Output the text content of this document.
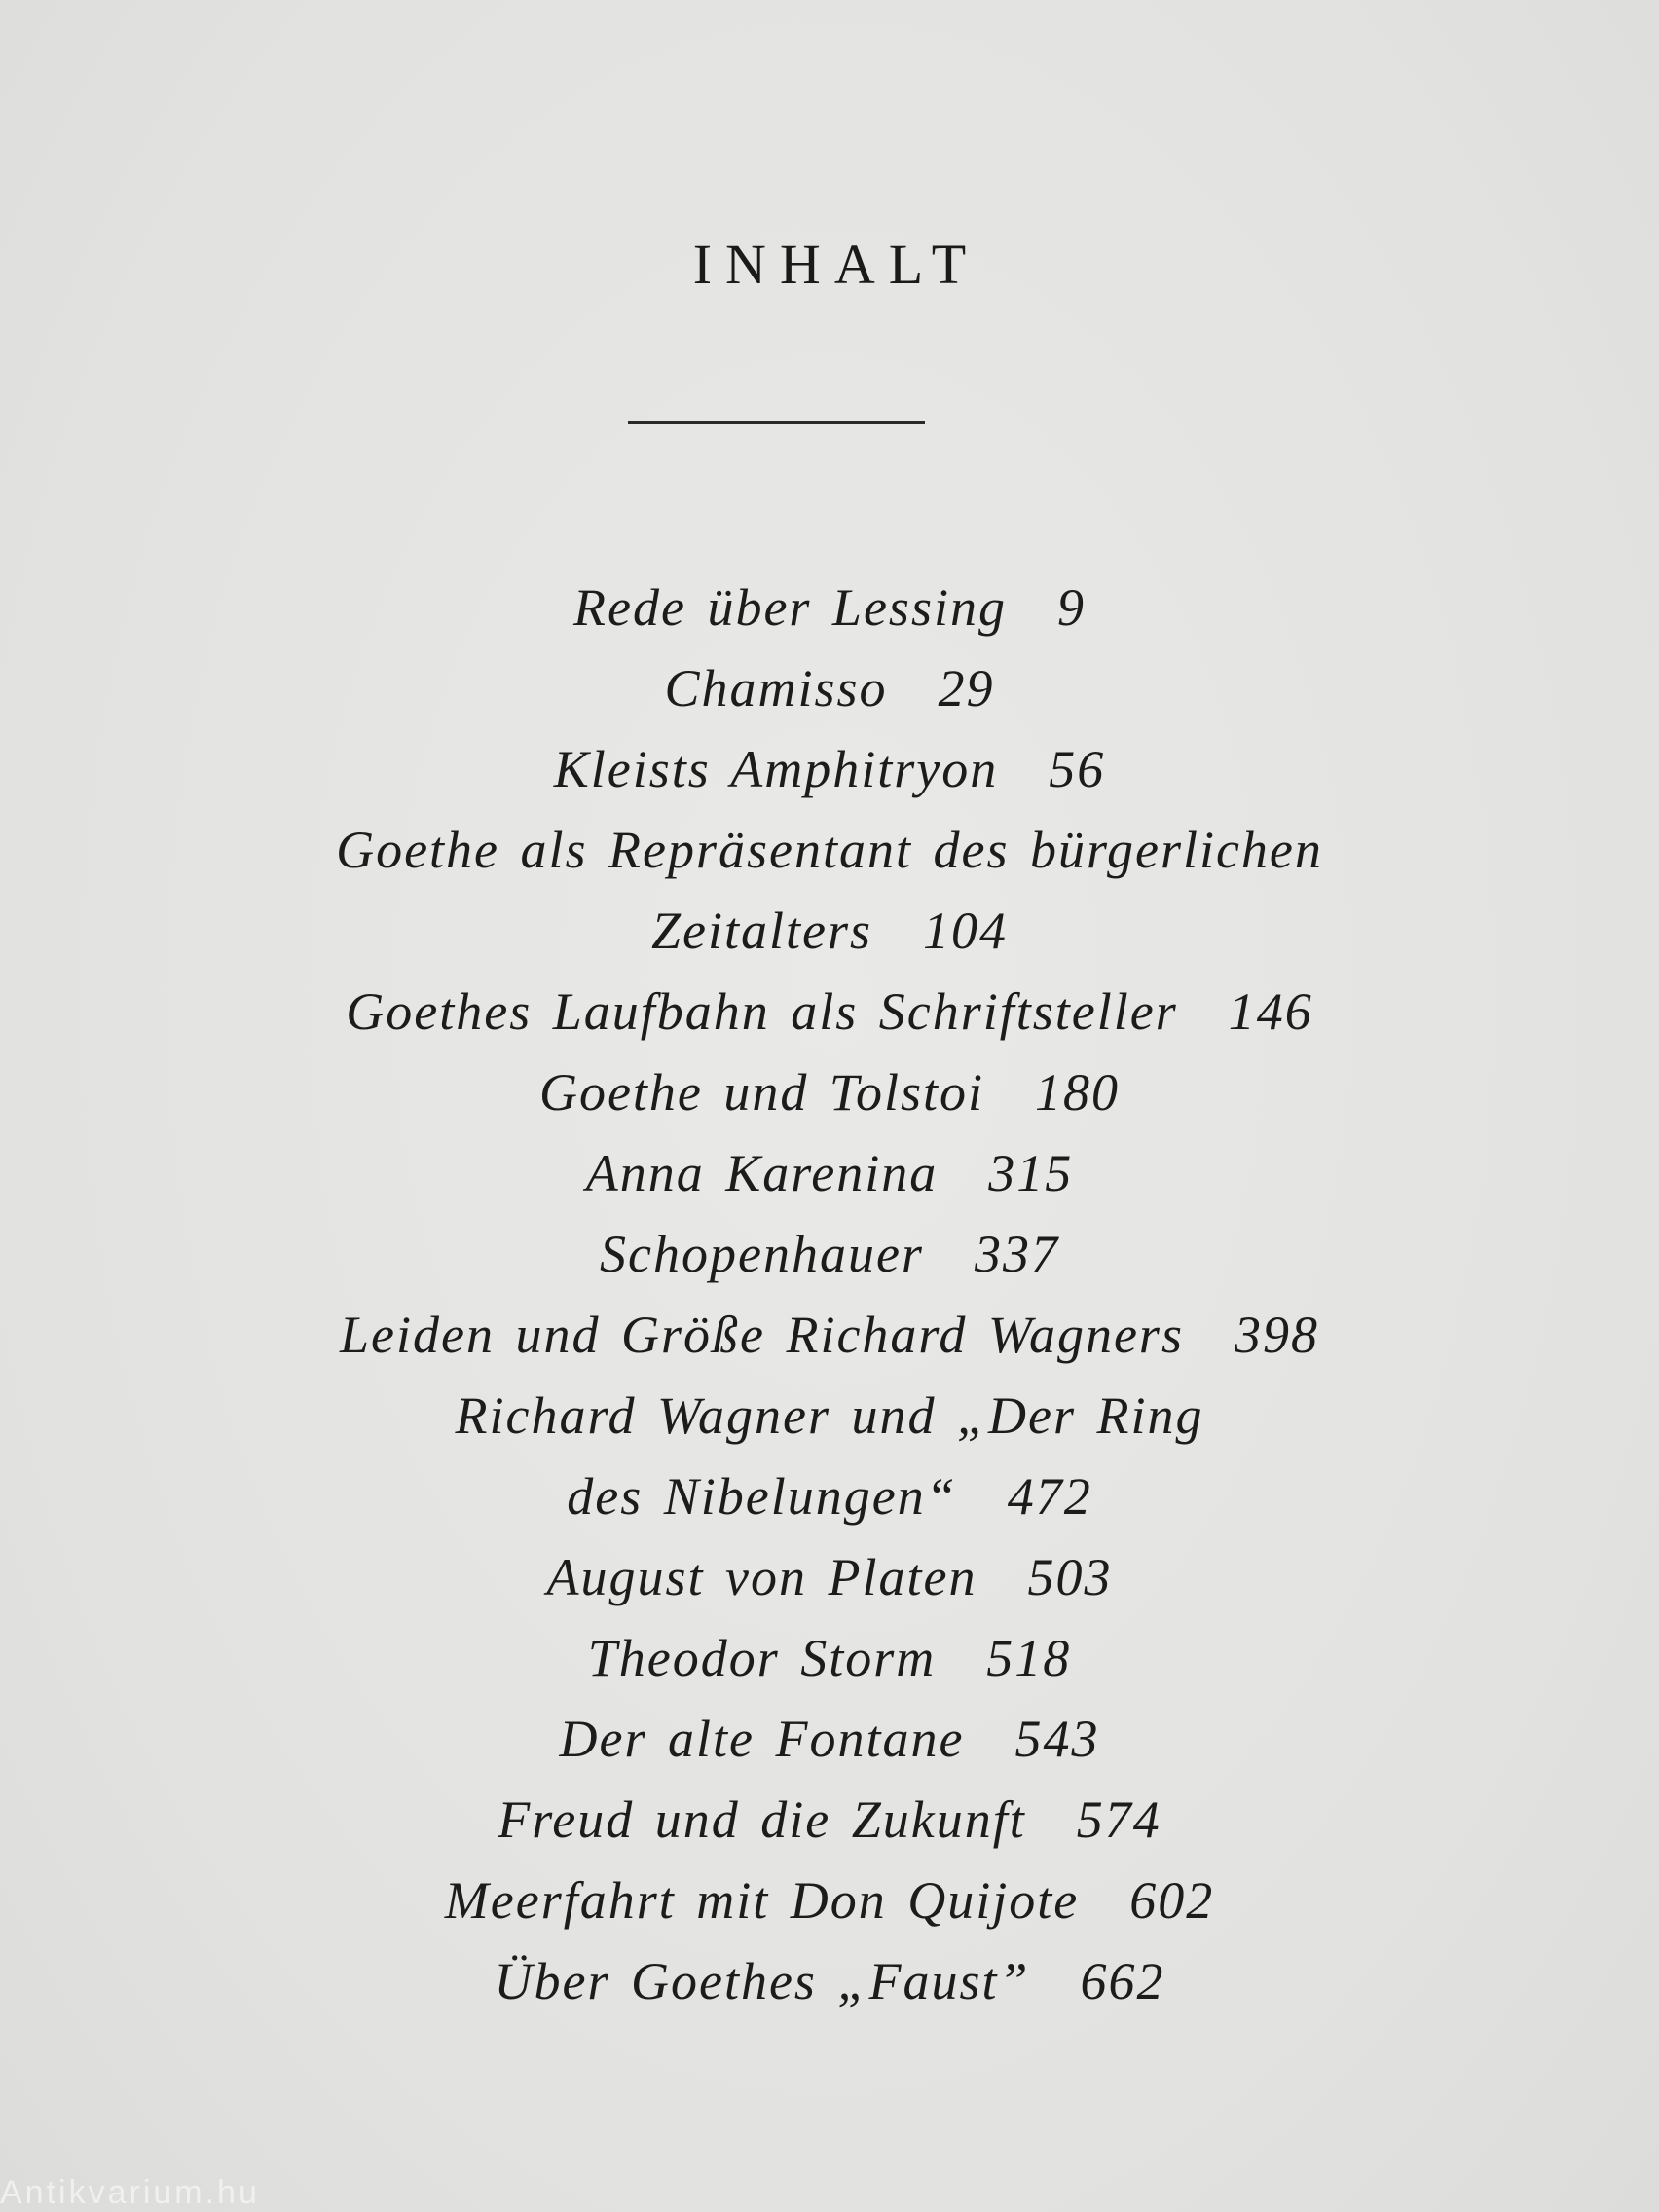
INHALT
Rede über Lessing 9
Chamisso 29
Kleists Amphitryon 56
Goethe als Repräsentant des bürgerlichen
Zeitalters 104
Goethes Laufbahn als Schriftsteller 146
Goethe und Tolstoi 180
Anna Karenina 315
Schopenhauer 337
Leiden und Größe Richard Wagners 398
Richard Wagner und „Der Ring
des Nibelungen“ 472
August von Platen 503
Theodor Storm 518
Der alte Fontane 543
Freud und die Zukunft 574
Meerfahrt mit Don Quijote 602
Über Goethes „Faust” 662
Antikvarium.hu
